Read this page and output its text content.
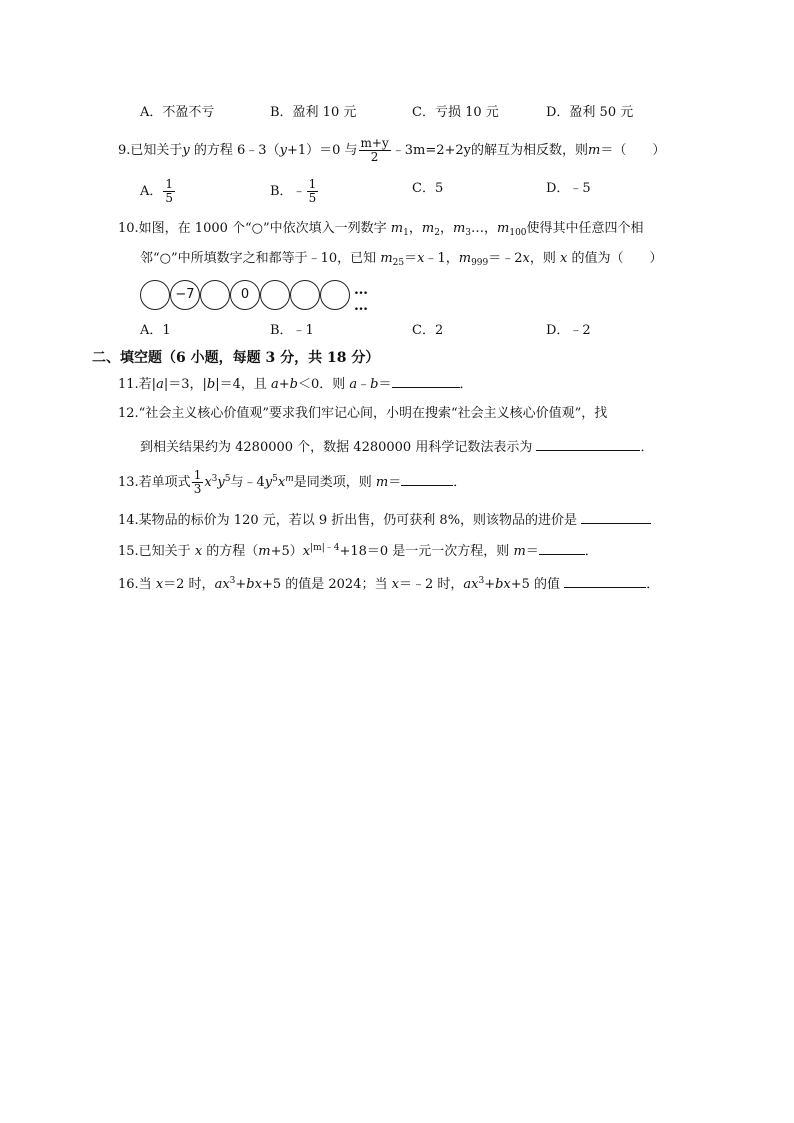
A．不盈不亏	B．盈利 10 元	C．亏损 10 元	D．盈利 50 元
9.已知关于y 的方程 6﹣3（y+1）＝0 与 $\frac{m+y}{2}$ ﹣3m=2+2y的解互为相反数，则m＝（　　）
A． $\frac{1}{5}$	B．﹣ $\frac{1}{5}$	C．5	D．﹣5
10.如图，在 1000 个“○”中依次填入一列数字 $m_1$，$m_2$，$m_3\dots$，$m_{100}$使得其中任意四个相
邻“○”中所填数字之和都等于﹣10，已知 $m_{25}=x﹣1$，$m_{999}=﹣2x$，则 x 的值为（　　）
−7	0	… …
A．1	B．﹣1	C．2	D．﹣2
二、填空题（6 小题，每题 3 分，共 18 分）
11.若|a|＝3，|b|＝4，且 a+b＜0．则 a﹣b＝	．
12.“社会主义核心价值观”要求我们牢记心间，小明在搜索“社会主义核心价值观”，找
到相关结果约为 4280000 个，数据 4280000 用科学记数法表示为	．
13.若单项式 $\frac{1}{3} x^3y^5$与$﹣4y^5x^m$是同类项，则 m＝	．
14.某物品的标价为 120 元，若以 9 折出售，仍可获利 8%，则该物品的进价是
15.已知关于 x 的方程$(m+5)x^{|m|﹣4}+18=0$ 是一元一次方程，则 m＝	．
16.当 x＝2 时，$ax^3+bx+5$ 的值是 2024；当 x＝﹣2 时，$ax^3+bx+5$ 的值	．
